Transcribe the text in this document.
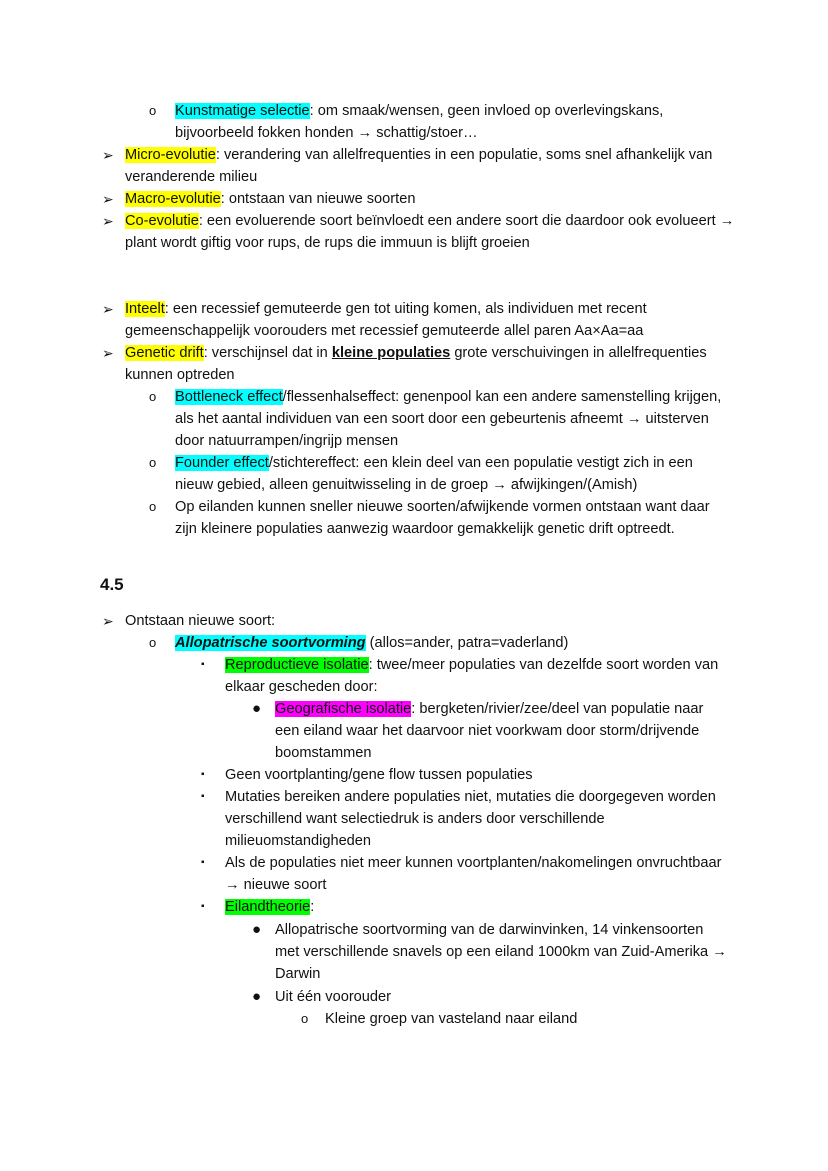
o Kunstmatige selectie: om smaak/wensen, geen invloed op overlevingskans, bijvoorbeeld fokken honden → schattig/stoer…
➢ Micro-evolutie: verandering van allelfrequenties in een populatie, soms snel afhankelijk van veranderende milieu
➢ Macro-evolutie: ontstaan van nieuwe soorten
➢ Co-evolutie: een evoluerende soort beïnvloedt een andere soort die daardoor ook evolueert → plant wordt giftig voor rups, de rups die immuun is blijft groeien
➢ Inteelt: een recessief gemuteerde gen tot uiting komen, als individuen met recent gemeenschappelijk voorouders met recessief gemuteerde allel paren Aa×Aa=aa
➢ Genetic drift: verschijnsel dat in kleine populaties grote verschuivingen in allelfrequenties kunnen optreden
o Bottleneck effect/flessenhalseffect: genenpool kan een andere samenstelling krijgen, als het aantal individuen van een soort door een gebeurtenis afneemt → uitsterven door natuurrampen/ingrijp mensen
o Founder effect/stichtereffect: een klein deel van een populatie vestigt zich in een nieuw gebied, alleen genuitwisseling in de groep → afwijkingen/(Amish)
o Op eilanden kunnen sneller nieuwe soorten/afwijkende vormen ontstaan want daar zijn kleinere populaties aanwezig waardoor gemakkelijk genetic drift optreedt.
4.5
➢ Ontstaan nieuwe soort:
o Allopatrische soortvorming (allos=ander, patra=vaderland)
▪ Reproductieve isolatie: twee/meer populaties van dezelfde soort worden van elkaar gescheden door:
● Geografische isolatie: bergketen/rivier/zee/deel van populatie naar een eiland waar het daarvoor niet voorkwam door storm/drijvende boomstammen
▪ Geen voortplanting/gene flow tussen populaties
▪ Mutaties bereiken andere populaties niet, mutaties die doorgegeven worden verschillend want selectiedruk is anders door verschillende milieuomstandigheden
▪ Als de populaties niet meer kunnen voortplanten/nakomelingen onvruchtbaar → nieuwe soort
▪ Eilandtheorie:
● Allopatrische soortvorming van de darwinvinken, 14 vinkensoorten met verschillende snavels op een eiland 1000km van Zuid-Amerika → Darwin
● Uit één voorouder
o Kleine groep van vasteland naar eiland
